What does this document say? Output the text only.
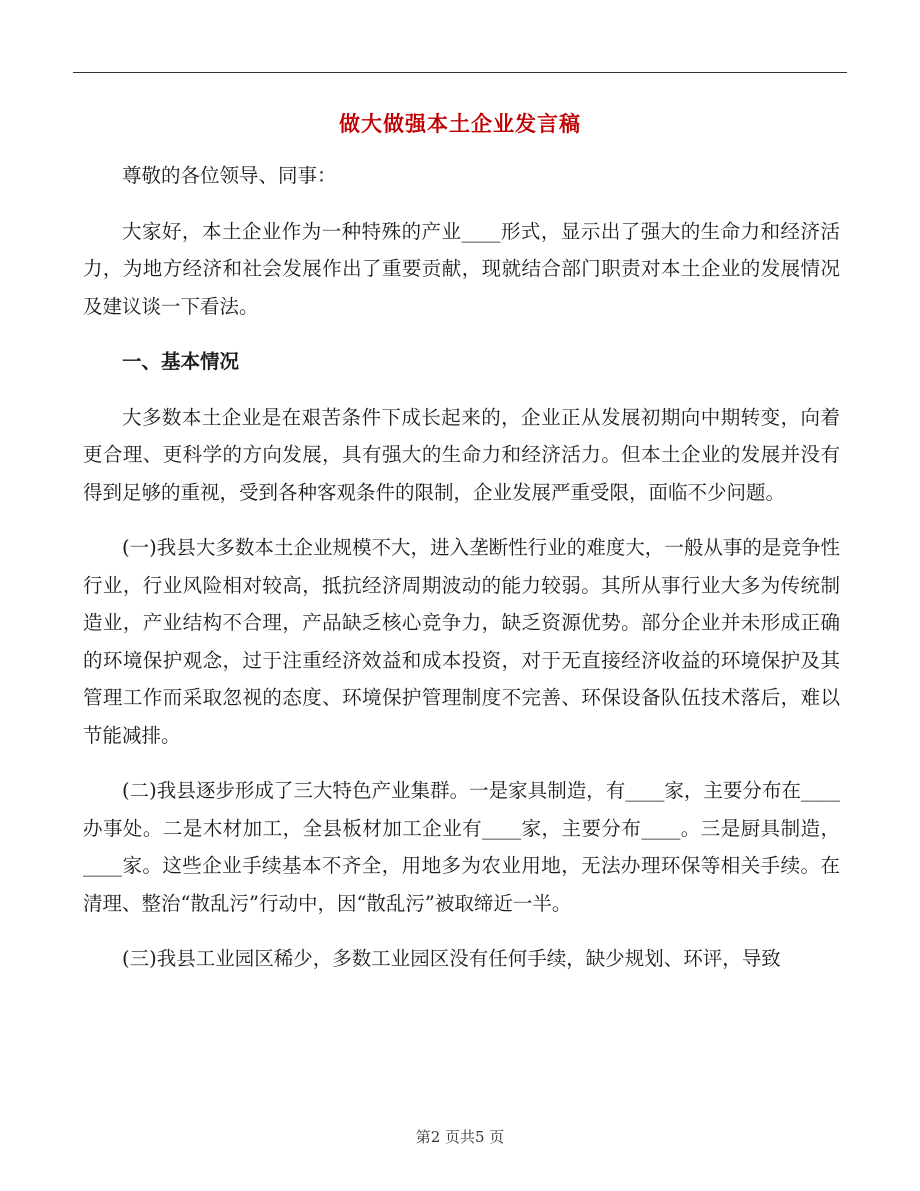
做大做强本土企业发言稿

尊敬的各位领导、同事：

大家好，本土企业作为一种特殊的产业____形式，显示出了强大的生命力和经济活力，为地方经济和社会发展作出了重要贡献，现就结合部门职责对本土企业的发展情况及建议谈一下看法。

一、基本情况

大多数本土企业是在艰苦条件下成长起来的，企业正从发展初期向中期转变，向着更合理、更科学的方向发展，具有强大的生命力和经济活力。但本土企业的发展并没有得到足够的重视，受到各种客观条件的限制，企业发展严重受限，面临不少问题。

(一)我县大多数本土企业规模不大，进入垄断性行业的难度大，一般从事的是竞争性行业，行业风险相对较高，抵抗经济周期波动的能力较弱。其所从事行业大多为传统制造业，产业结构不合理，产品缺乏核心竞争力，缺乏资源优势。部分企业并未形成正确的环境保护观念，过于注重经济效益和成本投资，对于无直接经济收益的环境保护及其管理工作而采取忽视的态度、环境保护管理制度不完善、环保设备队伍技术落后，难以节能减排。

(二)我县逐步形成了三大特色产业集群。一是家具制造，有____家，主要分布在____办事处。二是木材加工，全县板材加工企业有____家，主要分布____。三是厨具制造，____家。这些企业手续基本不齐全，用地多为农业用地，无法办理环保等相关手续。在清理、整治“散乱污”行动中，因“散乱污”被取缔近一半。

(三)我县工业园区稀少，多数工业园区没有任何手续，缺少规划、环评，导致

第2 页共5 页
